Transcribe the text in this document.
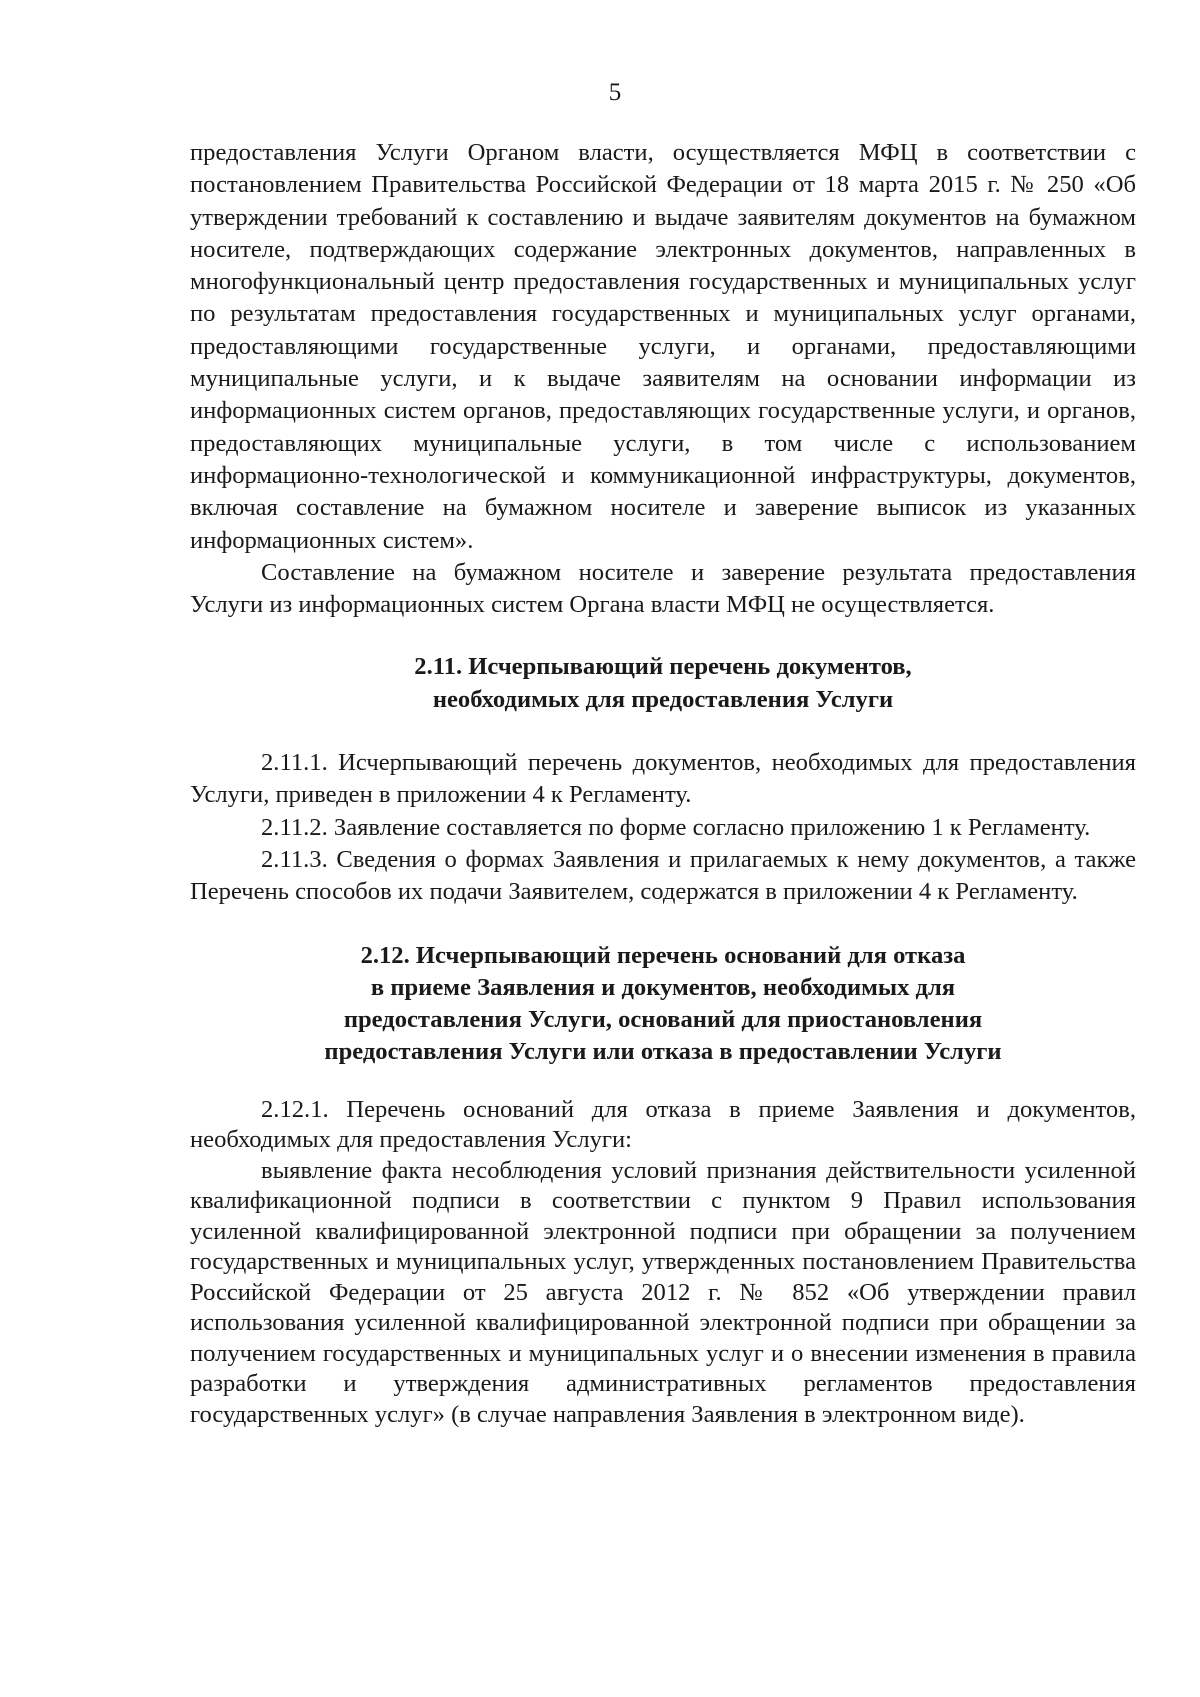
5

предоставления Услуги Органом власти, осуществляется МФЦ в соответствии с постановлением Правительства Российской Федерации от 18 марта 2015 г. № 250 «Об утверждении требований к составлению и выдаче заявителям документов на бумажном носителе, подтверждающих содержание электронных документов, направленных в многофункциональный центр предоставления государственных и муниципальных услуг по результатам предоставления государственных и муниципальных услуг органами, предоставляющими государственные услуги, и органами, предоставляющими муниципальные услуги, и к выдаче заявителям на основании информации из информационных систем органов, предоставляющих государственные услуги, и органов, предоставляющих муниципальные услуги, в том числе с использованием информационно-технологической и коммуникационной инфраструктуры, документов, включая составление на бумажном носителе и заверение выписок из указанных информационных систем».

Составление на бумажном носителе и заверение результата предоставления Услуги из информационных систем Органа власти МФЦ не осуществляется.

2.11. Исчерпывающий перечень документов,
необходимых для предоставления Услуги

2.11.1. Исчерпывающий перечень документов, необходимых для предоставления Услуги, приведен в приложении 4 к Регламенту.

2.11.2. Заявление составляется по форме согласно приложению 1 к Регламенту.

2.11.3. Сведения о формах Заявления и прилагаемых к нему документов, а также Перечень способов их подачи Заявителем, содержатся в приложении 4 к Регламенту.

2.12. Исчерпывающий перечень оснований для отказа
в приеме Заявления и документов, необходимых для
предоставления Услуги, оснований для приостановления
предоставления Услуги или отказа в предоставлении Услуги

2.12.1. Перечень оснований для отказа в приеме Заявления и документов, необходимых для предоставления Услуги:

выявление факта несоблюдения условий признания действительности усиленной квалификационной подписи в соответствии с пунктом 9 Правил использования усиленной квалифицированной электронной подписи при обращении за получением государственных и муниципальных услуг, утвержденных постановлением Правительства Российской Федерации от 25 августа 2012 г. № 852 «Об утверждении правил использования усиленной квалифицированной электронной подписи при обращении за получением государственных и муниципальных услуг и о внесении изменения в правила разработки и утверждения административных регламентов предоставления государственных услуг» (в случае направления Заявления в электронном виде).
